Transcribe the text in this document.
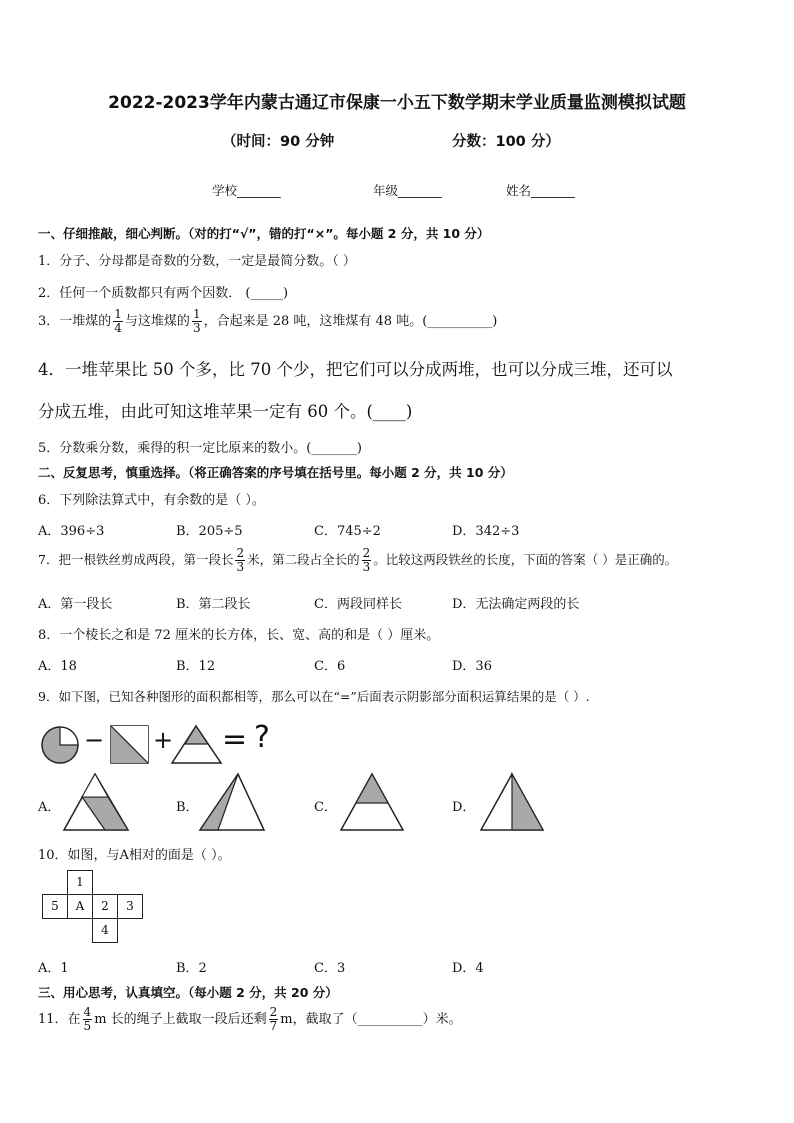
2022-2023学年内蒙古通辽市保康一小五下数学期末学业质量监测模拟试题
（时间：90 分钟	分数：100 分）
学校_______	年级_______	姓名_______
一、仔细推敲，细心判断。（对的打“√”，错的打“×”。每小题 2 分，共 10 分）
1．分子、分母都是奇数的分数，一定是最简分数。（ ）
2．任何一个质数都只有两个因数． (_____)
3．一堆煤的 $\frac{1}{4}$ 与这堆煤的 $\frac{1}{3}$ ，合起来是 28 吨，这堆煤有 48 吨。(__________)
4．一堆苹果比 50 个多，比 70 个少，把它们可以分成两堆，也可以分成三堆，还可以
分成五堆，由此可知这堆苹果一定有 60 个。(____)
5．分数乘分数，乘得的积一定比原来的数小。(_______)
二、反复思考，慎重选择。（将正确答案的序号填在括号里。每小题 2 分，共 10 分）
6．下列除法算式中，有余数的是（ ）。
A．396÷3	B．205÷5	C．745÷2	D．342÷3
7．把一根铁丝剪成两段，第一段长 $\frac{2}{3}$ 米，第二段占全长的 $\frac{2}{3}$ 。比较这两段铁丝的长度，下面的答案（ ）是正确的。
A．第一段长	B．第二段长	C．两段同样长	D．无法确定两段的长
8．一个棱长之和是 72 厘米的长方体，长、宽、高的和是（ ）厘米。
A．18	B．12	C．6	D．36
9．如下图，已知各种图形的面积都相等，那么可以在“=”后面表示阴影部分面积运算结果的是（ ）.
− + = ?
A．	B．	C．	D．
10．如图，与A相对的面是（ ）。
1
5	A	2	3
4
A．1	B．2	C．3	D．4
三、用心思考，认真填空。（每小题 2 分，共 20 分）
11．在 $\frac{4}{5}$ m 长的绳子上截取一段后还剩 $\frac{2}{7}$ m，截取了（__________）米。
